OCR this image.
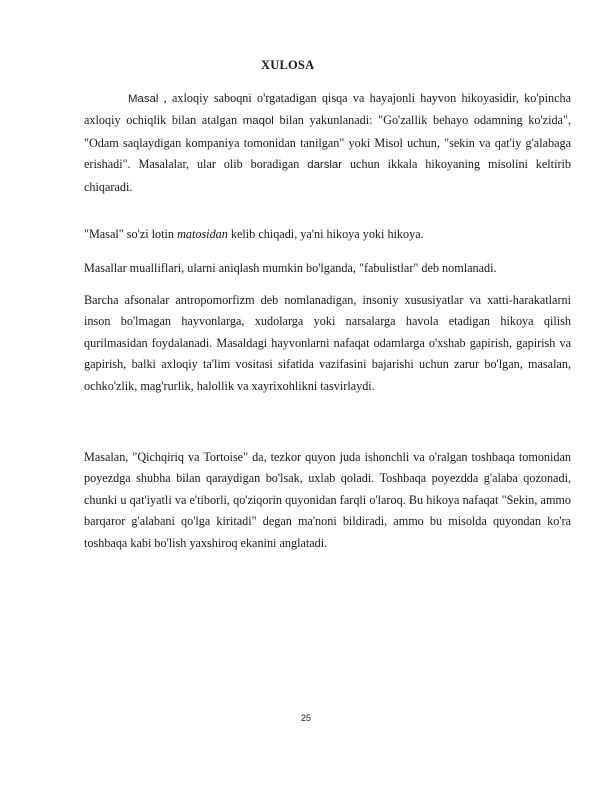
XULOSA

Masal , axloqiy saboqni o'rgatadigan qisqa va hayajonli hayvon hikoyasidir, ko'pincha axloqiy ochiqlik bilan atalgan maqol bilan yakunlanadi: "Go'zallik behayo odamning ko'zida", "Odam saqlaydigan kompaniya tomonidan tanilgan" yoki Misol uchun, "sekin va qat'iy g'alabaga erishadi". Masalalar, ular olib boradigan darslar uchun ikkala hikoyaning misolini keltirib chiqaradi.

"Masal" so'zi lotin matosidan kelib chiqadi, ya'ni hikoya yoki hikoya.

Masallar mualliflari, ularni aniqlash mumkin bo'lganda, "fabulistlar" deb nomlanadi.

Barcha afsonalar antropomorfizm deb nomlanadigan, insoniy xususiyatlar va xatti-harakatlarni inson bo'lmagan hayvonlarga, xudolarga yoki narsalarga havola etadigan hikoya qilish qurilmasidan foydalanadi. Masaldagi hayvonlarni nafaqat odamlarga o'xshab gapirish, gapirish va gapirish, balki axloqiy ta'lim vositasi sifatida vazifasini bajarishi uchun zarur bo'lgan, masalan, ochko'zlik, mag'rurlik, halollik va xayrixohlikni tasvirlaydi.

Masalan, "Qichqiriq va Tortoise" da, tezkor quyon juda ishonchli va o'ralgan toshbaqa tomonidan poyezdga shubha bilan qaraydigan bo'lsak, uxlab qoladi. Toshbaqa poyezdda g'alaba qozonadi, chunki u qat'iyatli va e'tiborli, qo'ziqorin quyonidan farqli o'laroq. Bu hikoya nafaqat "Sekin, ammo barqaror g'alabani qo'lga kiritadi" degan ma'noni bildiradi, ammo bu misolda quyondan ko'ra toshbaqa kabi bo'lish yaxshiroq ekanini anglatadi.

25
